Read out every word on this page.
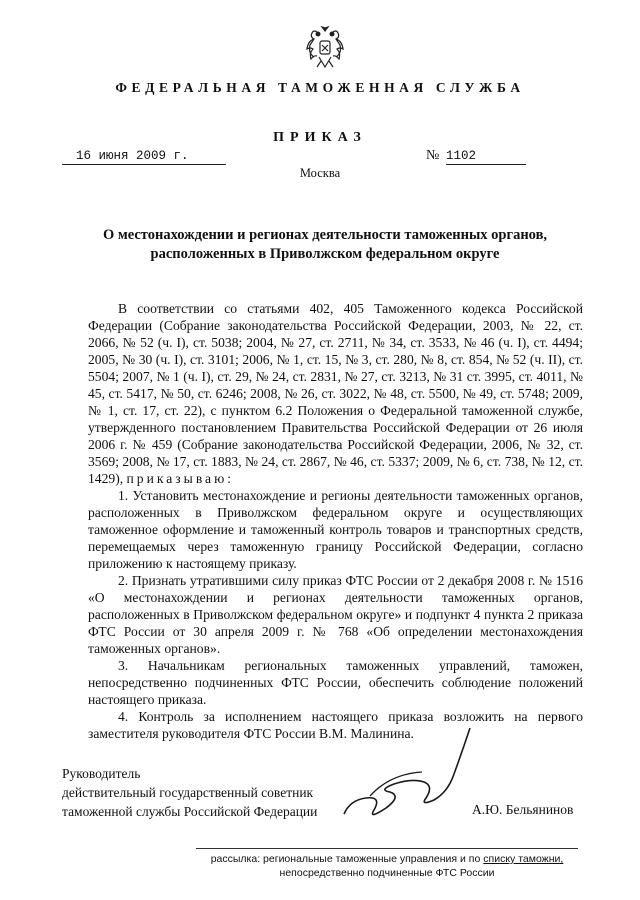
ФЕДЕРАЛЬНАЯ ТАМОЖЕННАЯ СЛУЖБА
ПРИКАЗ
16 июня 2009 г.	№ 1102
Москва
О местонахождении и регионах деятельности таможенных органов,
расположенных в Приволжском федеральном округе

В соответствии со статьями 402, 405 Таможенного кодекса Российской Федерации (Собрание законодательства Российской Федерации, 2003, № 22, ст. 2066, № 52 (ч. I), ст. 5038; 2004, № 27, ст. 2711, № 34, ст. 3533, № 46 (ч. I), ст. 4494; 2005, № 30 (ч. I), ст. 3101; 2006, № 1, ст. 15, № 3, ст. 280, № 8, ст. 854, № 52 (ч. II), ст. 5504; 2007, № 1 (ч. I), ст. 29, № 24, ст. 2831, № 27, ст. 3213, № 31 ст. 3995, ст. 4011, № 45, ст. 5417, № 50, ст. 6246; 2008, № 26, ст. 3022, № 48, ст. 5500, № 49, ст. 5748; 2009, № 1, ст. 17, ст. 22), с пунктом 6.2 Положения о Федеральной таможенной службе, утвержденного постановлением Правительства Российской Федерации от 26 июля 2006 г. № 459 (Собрание законодательства Российской Федерации, 2006, № 32, ст. 3569; 2008, № 17, ст. 1883, № 24, ст. 2867, № 46, ст. 5337; 2009, № 6, ст. 738, № 12, ст. 1429), приказываю:

1. Установить местонахождение и регионы деятельности таможенных органов, расположенных в Приволжском федеральном округе и осуществляющих таможенное оформление и таможенный контроль товаров и транспортных средств, перемещаемых через таможенную границу Российской Федерации, согласно приложению к настоящему приказу.

2. Признать утратившими силу приказ ФТС России от 2 декабря 2008 г. № 1516 «О местонахождении и регионах деятельности таможенных органов, расположенных в Приволжском федеральном округе» и подпункт 4 пункта 2 приказа ФТС России от 30 апреля 2009 г. № 768 «Об определении местонахождения таможенных органов».

3. Начальникам региональных таможенных управлений, таможен, непосредственно подчиненных ФТС России, обеспечить соблюдение положений настоящего приказа.

4. Контроль за исполнением настоящего приказа возложить на первого заместителя руководителя ФТС России В.М. Малинина.

Руководитель
действительный государственный советник
таможенной службы Российской Федерации	А.Ю. Бельянинов
рассылка: региональные таможенные управления и по списку таможни,
непосредственно подчиненные ФТС России
